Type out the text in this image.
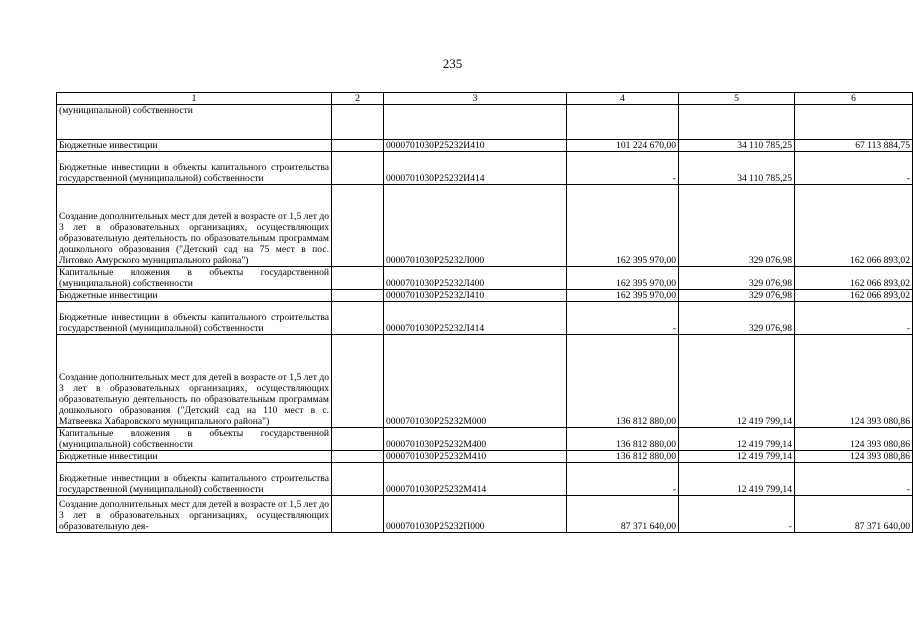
235
1	2	3	4	5	6
(муниципальной) собственности					
Бюджетные инвестиции		0000701030Р25232И410	101 224 670,00	34 110 785,25	67 113 884,75
Бюджетные инвестиции в объекты капитального строительства государственной (муниципальной) собственности		0000701030Р25232И414	-	34 110 785,25	-
Создание дополнительных мест для детей в возрасте от 1,5 лет до 3 лет в образовательных организациях, осуществляющих образовательную деятельность по образовательным программам дошкольного образования ("Детский сад на 75 мест в пос. Литовко Амурского муниципального района")		0000701030Р25232Л000	162 395 970,00	329 076,98	162 066 893,02
Капитальные вложения в объекты государственной (муниципальной) собственности		0000701030Р25232Л400	162 395 970,00	329 076,98	162 066 893,02
Бюджетные инвестиции		0000701030Р25232Л410	162 395 970,00	329 076,98	162 066 893,02
Бюджетные инвестиции в объекты капитального строительства государственной (муниципальной) собственности		0000701030Р25232Л414	-	329 076,98	-
Создание дополнительных мест для детей в возрасте от 1,5 лет до 3 лет в образовательных организациях, осуществляющих образовательную деятельность по образовательным программам дошкольного образования ("Детский сад на 110 мест в с. Матвеевка Хабаровского муниципального района")		0000701030Р25232М000	136 812 880,00	12 419 799,14	124 393 080,86
Капитальные вложения в объекты государственной (муниципальной) собственности		0000701030Р25232М400	136 812 880,00	12 419 799,14	124 393 080,86
Бюджетные инвестиции		0000701030Р25232М410	136 812 880,00	12 419 799,14	124 393 080,86
Бюджетные инвестиции в объекты капитального строительства государственной (муниципальной) собственности		0000701030Р25232М414	-	12 419 799,14	-
Создание дополнительных мест для детей в возрасте от 1,5 лет до 3 лет в образовательных организациях, осуществляющих образовательную дея-		0000701030Р25232П000	87 371 640,00	-	87 371 640,00
